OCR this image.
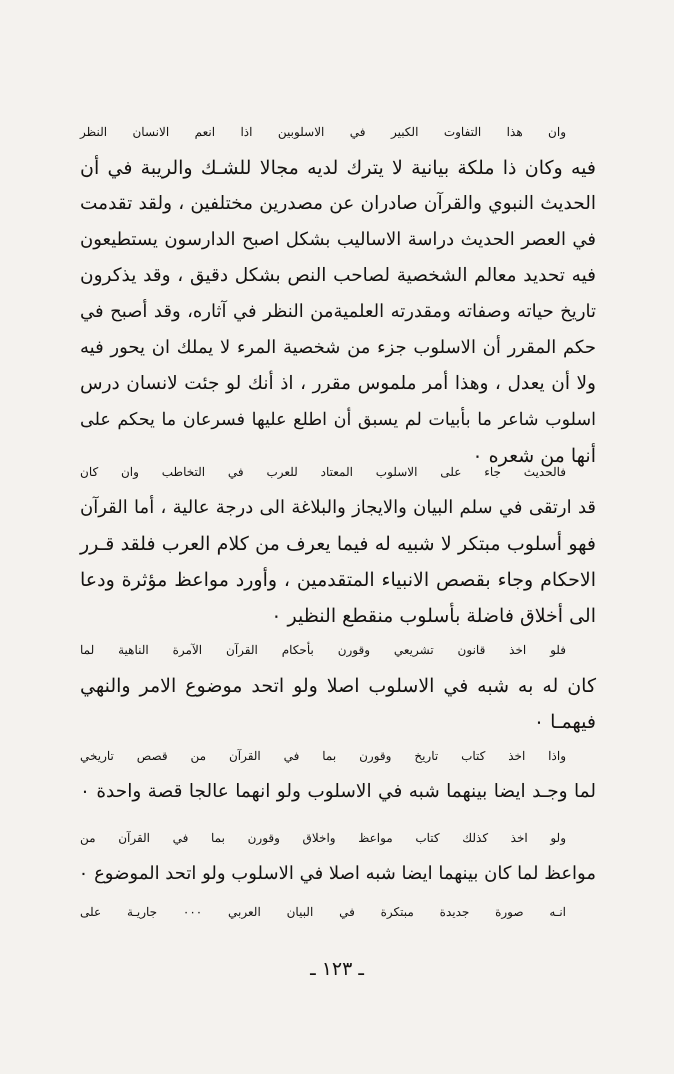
وان هذا التفاوت الكبير في الاسلوبين اذا انعم الانسان النظر
فيه وكان ذا ملكة بيانية لا يترك لديه مجالا للشـك والريبة في أن
الحديث النبوي والقرآن صادران عن مصدرين مختلفين ، ولقد تقدمت
في العصر الحديث دراسة الاساليب بشكل اصبح الدارسون يستطيعون
فيه تحديد معالم الشخصية لصاحب النص بشكل دقيق ، وقد يذكرون
تاريخ حياته وصفاته ومقدرته العلميةمن النظر في آثاره، وقد أصبح في
حكم المقرر أن الاسلوب جزء من شخصية المرء لا يملك ان يحور فيه
ولا أن يعدل ، وهذا أمر ملموس مقرر ، اذ أنك لو جئت لانسان درس
اسلوب شاعر ما بأبيات لم يسبق أن اطلع عليها فسرعان ما يحكم على
أنها من شعره ٠
فالحديث جاء على الاسلوب المعتاد للعرب في التخاطب وان كان
قد ارتقى في سلم البيان والايجاز والبلاغة الى درجة عالية ، أما القرآن
فهو أسلوب مبتكر لا شبيه له فيما يعرف من كلام العرب فلقد قـرر
الاحكام وجاء بقصص الانبياء المتقدمين ، وأورد مواعظ مؤثرة ودعا
الى أخلاق فاضلة بأسلوب منقطع النظير ٠
فلو اخذ قانون تشريعي وقورن بأحكام القرآن الآمرة الناهية لما
كان له به شبه في الاسلوب اصلا ولو اتحد موضوع الامر والنهي
فيهمـا ٠
واذا اخذ كتاب تاريخ وقورن بما في القرآن من قصص تاريخي
لما وجـد ايضا بينهما شبه في الاسلوب ولو انهما عالجا قصة واحدة ٠
ولو اخذ كذلك كتاب مواعظ واخلاق وقورن بما في القرآن من
مواعظ لما كان بينهما ايضا شبه اصلا في الاسلوب ولو اتحد الموضوع ٠
انـه صورة جديدة مبتكرة في البيان العربي ٠٠٠ جاريـة على
ـ ١٢٣ ـ
